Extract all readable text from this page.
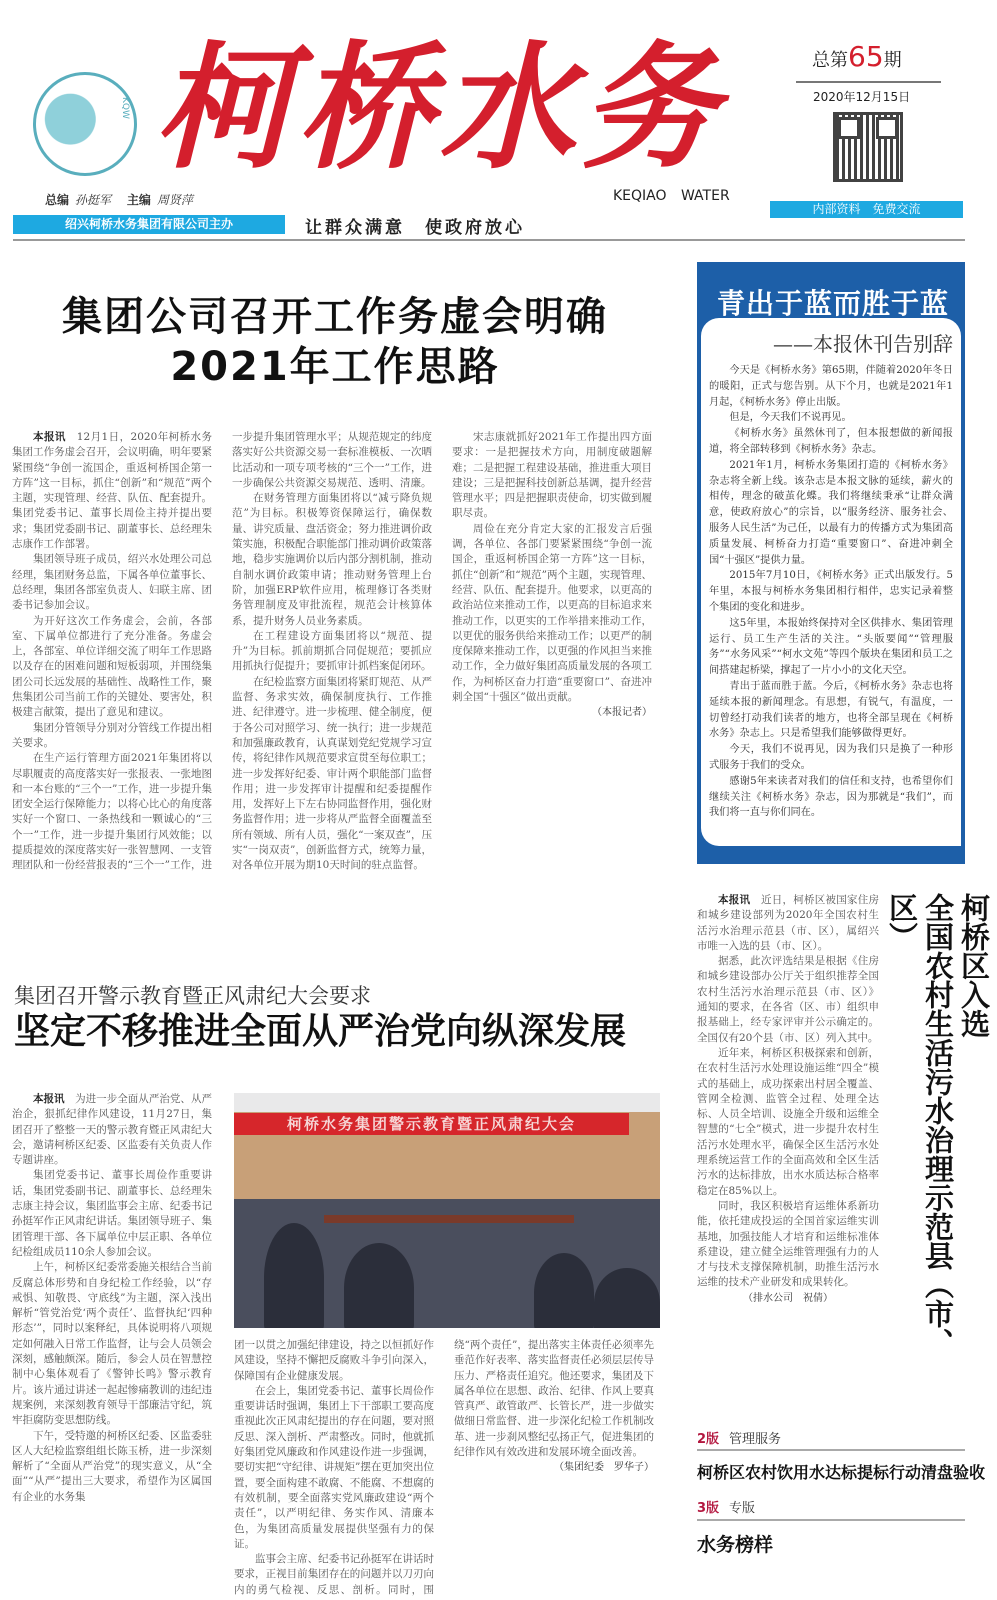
KQW 柯桥水务
总编 孙挺军 主编 周贤萍	KEQIAO WATER
绍兴柯桥水务集团有限公司主办	让群众满意　使政府放心
总第65期
2020年12月15日
内部资料　免费交流
集团公司召开工作务虚会明确
2021年工作思路

本报讯　12月1日，2020年柯桥水务集团工作务虚会召开，会议明确，明年要紧紧围绕“争创一流国企，重返柯桥国企第一方阵”这一目标，抓住“创新”和“规范”两个主题，实现管理、经营、队伍、配套提升。集团党委书记、董事长周俭主持并提出要求；集团党委副书记、副董事长、总经理朱志康作工作部署。

集团领导班子成员，绍兴水处理公司总经理，集团财务总监，下属各单位董事长、总经理，集团各部室负责人、妇联主席、团委书记参加会议。

为开好这次工作务虚会，会前，各部室、下属单位都进行了充分准备。务虚会上，各部室、单位详细交流了明年工作思路以及存在的困难问题和短板弱项，并围绕集团公司长远发展的基础性、战略性工作，聚焦集团公司当前工作的关键处、要害处，积极建言献策，提出了意见和建议。

集团分管领导分别对分管线工作提出相关要求。

在生产运行管理方面2021年集团将以尽职履责的高度落实好一张报表、一张地图和一本台账的“三个一”工作，进一步提升集团安全运行保障能力；以将心比心的角度落实好一个窗口、一条热线和一颗诚心的“三个一”工作，进一步提升集团行风效能；以提质提效的深度落实好一张智慧网、一支管理团队和一份经营报表的“三个一”工作，进一步提升集团管理水平；从规范规定的纬度落实好公共资源交易一套标准模板、一次晒比活动和一项专项考核的“三个一”工作，进一步确保公共资源交易规范、透明、清廉。

在财务管理方面集团将以“减亏降负规范”为目标。积极筹资保障运行，确保数量、讲究质量、盘活资金；努力推进调价政策实施，积极配合职能部门推动调价政策落地，稳步实施调价以后内部分割机制，推动自制水调价政策申请；推动财务管理上台阶，加强ERP软件应用，梳理修订各类财务管理制度及审批流程，规范会计核算体系，提升财务人员业务素质。

在工程建设方面集团将以“规范、提升”为目标。抓前期抓合同促规范；要抓应用抓执行促提升；要抓审计抓档案促闭环。

在纪检监察方面集团将紧盯规范、从严监督、务求实效，确保制度执行、工作推进、纪律遵守。进一步梳理、健全制度，便于各公司对照学习、统一执行；进一步规范和加强廉政教育，认真谋划党纪党规学习宣传，将纪律作风规范要求宣贯至每位职工；进一步发挥好纪委、审计两个职能部门监督作用；进一步发挥审计提醒和纪委提醒作用，发挥好上下左右协同监督作用，强化财务监督作用；进一步将从严监督全面覆盖至所有领域、所有人员，强化“一案双查”，压实“一岗双责”，创新监督方式，统筹力量，对各单位开展为期10天时间的驻点监督。

宋志康就抓好2021年工作提出四方面要求：一是把握技术方向，用制度破题解难；二是把握工程建设基础，推进重大项目建设；三是把握科技创新总基调，提升经营管理水平；四是把握职责使命，切实做到履职尽责。

周俭在充分肯定大家的汇报发言后强调，各单位、各部门要紧紧围绕“争创一流国企，重返柯桥国企第一方阵”这一目标，抓住“创新”和“规范”两个主题，实现管理、经营、队伍、配套提升。他要求，以更高的政治站位来推动工作，以更高的目标追求来推动工作，以更实的工作举措来推动工作，以更优的服务供给来推动工作；以更严的制度保障来推动工作，以更强的作风担当来推动工作，全力做好集团高质量发展的各项工作，为柯桥区奋力打造“重要窗口”、奋进冲刺全国“十强区”做出贡献。

（本报记者）
青出于蓝而胜于蓝
——本报休刊告别辞

今天是《柯桥水务》第65期，伴随着2020年冬日的暖阳，正式与您告别。从下个月，也就是2021年1月起，《柯桥水务》停止出版。

但是，今天我们不说再见。

《柯桥水务》虽然休刊了，但本报想做的新闻报道，将全部转移到《柯桥水务》杂志。

2021年1月，柯桥水务集团打造的《柯桥水务》杂志将全新上线。该杂志是本报文脉的延续，薪火的相传，理念的破茧化蝶。我们将继续秉承“让群众满意，使政府放心”的宗旨，以“服务经济、服务社会、服务人民生活”为己任，以最有力的传播方式为集团高质量发展、柯桥奋力打造“重要窗口”、奋进冲刺全国“十强区”提供力量。

2015年7月10日，《柯桥水务》正式出版发行。5年里，本报与柯桥水务集团相行相伴，忠实记录着整个集团的变化和进步。

这5年里，本报始终保持对全区供排水、集团管理运行、员工生产生活的关注。“头版要闻”“管理服务”“水务风采”“柯水文苑”等四个版块在集团和员工之间搭建起桥梁，撑起了一片小小的文化天空。

青出于蓝而胜于蓝。今后，《柯桥水务》杂志也将延续本报的新闻理念。有思想，有锐气，有温度，一切曾经打动我们读者的地方，也将全部呈现在《柯桥水务》杂志上。只是希望我们能够做得更好。

今天，我们不说再见，因为我们只是换了一种形式服务于我们的受众。

感谢5年来读者对我们的信任和支持，也希望你们继续关注《柯桥水务》杂志，因为那就是“我们”，而我们将一直与你们同在。

柯桥区入选
全国农村生活污水治理示范县（市、区）

本报讯　近日，柯桥区被国家住房和城乡建设部列为2020年全国农村生活污水治理示范县（市、区），属绍兴市唯一入选的县（市、区）。

据悉，此次评选结果是根据《住房和城乡建设部办公厅关于组织推荐全国农村生活污水治理示范县（市、区）》通知的要求，在各省（区、市）组织申报基础上，经专家评审并公示确定的。全国仅有20个县（市、区）列入其中。

近年来，柯桥区积极探索和创新，在农村生活污水处理设施运维“四全”模式的基础上，成功探索出村居全覆盖、管网全检测、监管全过程、处理全达标、人员全培训、设施全升级和运维全智慧的“七全”模式，进一步提升农村生活污水处理水平，确保全区生活污水处理系统运营工作的全面高效和全区生活污水的达标排放，出水水质达标合格率稳定在85%以上。

同时，我区积极培育运维体系新功能，依托建成投运的全国首家运维实训基地，加强技能人才培育和运维标准体系建设，建立健全运维管理强有力的人才与技术支撑保障机制，助推生活污水运维的技术产业研发和成果转化。

（排水公司　祝倩）
集团召开警示教育暨正风肃纪大会要求
坚定不移推进全面从严治党向纵深发展

本报讯　为进一步全面从严治党、从严治企，狠抓纪律作风建设，11月27日，集团召开了整整一天的警示教育暨正风肃纪大会，邀请柯桥区纪委、区监委有关负责人作专题讲座。

集团党委书记、董事长周俭作重要讲话，集团党委副书记、副董事长、总经理朱志康主持会议，集团监事会主席、纪委书记孙挺军作正风肃纪讲话。集团领导班子、集团管理干部、各下属单位中层正职、各单位纪检组成员110余人参加会议。

上午，柯桥区纪委常委施关根结合当前反腐总体形势和自身纪检工作经验，以“存戒惧、知敬畏、守底线”为主题，深入浅出解析“管党治党‘两个责任’、监督执纪‘四种形态’”，同时以案释纪，具体说明将八项规定如何融入日常工作监督，让与会人员领会深刻，感触颇深。随后，参会人员在智慧控制中心集体观看了《警钟长鸣》警示教育片。该片通过讲述一起起惨痛教训的违纪违规案例，来深刻教育领导干部廉洁守纪，筑牢拒腐防变思想防线。

下午，受特邀的柯桥区纪委、区监委驻区人大纪检监察组组长陈玉桥，进一步深刻解析了“全面从严治党”的现实意义，从“全面”“从严”提出三大要求，希望作为区属国有企业的水务集

柯桥水务集团警示教育暨正风肃纪大会

团一以贯之加强纪律建设，持之以恒抓好作风建设，坚持不懈把反腐败斗争引向深入，保障国有企业健康发展。

在会上，集团党委书记、董事长周俭作重要讲话时强调，集团上下干部职工要高度重视此次正风肃纪提出的存在问题，要对照反思、深入剖析、严肃整改。同时，他就抓好集团党风廉政和作风建设作进一步强调，要切实把“守纪律、讲规矩”摆在更加突出位置，要全面构建不敢腐、不能腐、不想腐的有效机制，要全面落实党风廉政建设“两个责任”，以严明纪律、务实作风、清廉本色，为集团高质量发展提供坚强有力的保证。

监事会主席、纪委书记孙挺军在讲话时要求，正视目前集团存在的问题并以刀刃向内的勇气检视、反思、剖析。同时，围绕“两个责任”，提出落实主体责任必须率先垂范作好表率、落实监督责任必须层层传导压力、严格责任追究。他还要求，集团及下属各单位在思想、政治、纪律、作风上要真管真严、敢管敢严、长管长严，进一步做实做细日常监督、进一步深化纪检工作机制改革、进一步刹风整纪弘扬正气，促进集团的纪律作风有效改进和发展环境全面改善。

（集团纪委　罗华子）
2版 管理服务
柯桥区农村饮用水达标提标行动清盘验收
3版 专版
水务榜样
